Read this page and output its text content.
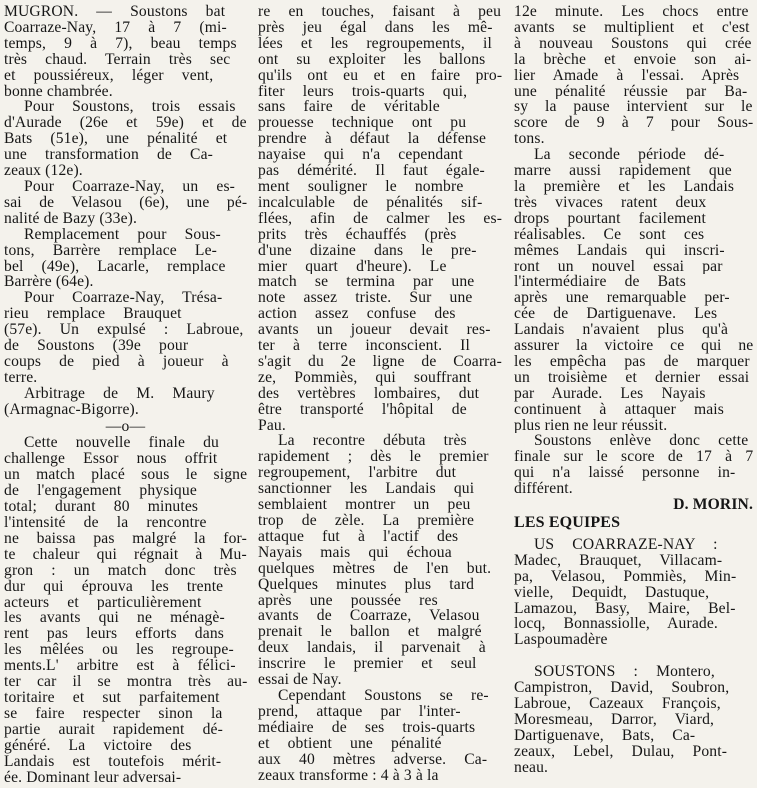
MUGRON. — Soustons bat
Coarraze-Nay, 17 à 7 (mi-
temps, 9 à 7), beau temps
très chaud. Terrain très sec
et poussiéreux, léger vent,
bonne chambrée.
Pour Soustons, trois essais
d'Aurade (26e et 59e) et de
Bats (51e), une pénalité et
une transformation de Ca-
zeaux (12e).
Pour Coarraze-Nay, un es-
sai de Velasou (6e), une pé-
nalité de Bazy (33e).
Remplacement pour Sous-
tons, Barrère remplace Le-
bel (49e), Lacarle, remplace
Barrère (64e).
Pour Coarraze-Nay, Trésa-
rieu remplace Brauquet
(57e). Un expulsé : Labroue,
de Soustons (39e pour
coups de pied à joueur à
terre.
Arbitrage de M. Maury
(Armagnac-Bigorre).
—o—
Cette nouvelle finale du
challenge Essor nous offrit
un match placé sous le signe
de l'engagement physique
total; durant 80 minutes
l'intensité de la rencontre
ne baissa pas malgré la for-
te chaleur qui régnait à Mu-
gron : un match donc très
dur qui éprouva les trente
acteurs et particulièrement
les avants qui ne ménagè-
rent pas leurs efforts dans
les mêlées ou les regroupe-
ments.L' arbitre est à félici-
ter car il se montra très au-
toritaire et sut parfaitement
se faire respecter sinon la
partie aurait rapidement dé-
généré. La victoire des
Landais est toutefois mérit-
ée. Dominant leur adversai-
re en touches, faisant à peu
près jeu égal dans les mê-
lées et les regroupements, il
ont su exploiter les ballons
qu'ils ont eu et en faire pro-
fiter leurs trois-quarts qui,
sans faire de véritable
prouesse technique ont pu
prendre à défaut la défense
nayaise qui n'a cependant
pas démérité. Il faut égale-
ment souligner le nombre
incalculable de pénalités sif-
flées, afin de calmer les es-
prits très échauffés (près
d'une dizaine dans le pre-
mier quart d'heure). Le
match se termina par une
note assez triste. Sur une
action assez confuse des
avants un joueur devait res-
ter à terre inconscient. Il
s'agit du 2e ligne de Coarra-
ze, Pommiès, qui souffrant
des vertèbres lombaires, dut
être transporté l'hôpital de
Pau.
La recontre débuta très
rapidement ; dès le premier
regroupement, l'arbitre dut
sanctionner les Landais qui
semblaient montrer un peu
trop de zèle. La première
attaque fut à l'actif des
Nayais mais qui échoua
quelques mètres de l'en but.
Quelques minutes plus tard
après une poussée res
avants de Coarraze, Velasou
prenait le ballon et malgré
deux landais, il parvenait à
inscrire le premier et seul
essai de Nay.
Cependant Soustons se re-
prend, attaque par l'inter-
médiaire de ses trois-quarts
et obtient une pénalité
aux 40 mètres adverse. Ca-
zeaux transforme : 4 à 3 à la
12e minute. Les chocs entre
avants se multiplient et c'est
à nouveau Soustons qui crée
la brèche et envoie son ai-
lier Amade à l'essai. Après
une pénalité réussie par Ba-
sy la pause intervient sur le
score de 9 à 7 pour Sous-
tons.
La seconde période dé-
marre aussi rapidement que
la première et les Landais
très vivaces ratent deux
drops pourtant facilement
réalisables. Ce sont ces
mêmes Landais qui inscri-
ront un nouvel essai par
l'intermédiaire de Bats
après une remarquable per-
cée de Dartiguenave. Les
Landais n'avaient plus qu'à
assurer la victoire ce qui ne
les empêcha pas de marquer
un troisième et dernier essai
par Aurade. Les Nayais
continuent à attaquer mais
plus rien ne leur réussit.
Soustons enlève donc cette
finale sur le score de 17 à 7
qui n'a laissé personne in-
différent.
D. MORIN.
LES EQUIPES
US COARRAZE-NAY :
Madec, Brauquet, Villacam-
pa, Velasou, Pommiès, Min-
vielle, Dequidt, Dastuque,
Lamazou, Basy, Maire, Bel-
locq, Bonnassiolle, Aurade.
Laspoumadère
SOUSTONS : Montero,
Campistron, David, Soubron,
Labroue, Cazeaux François,
Moresmeau, Darror, Viard,
Dartiguenave, Bats, Ca-
zeaux, Lebel, Dulau, Pont-
neau.
